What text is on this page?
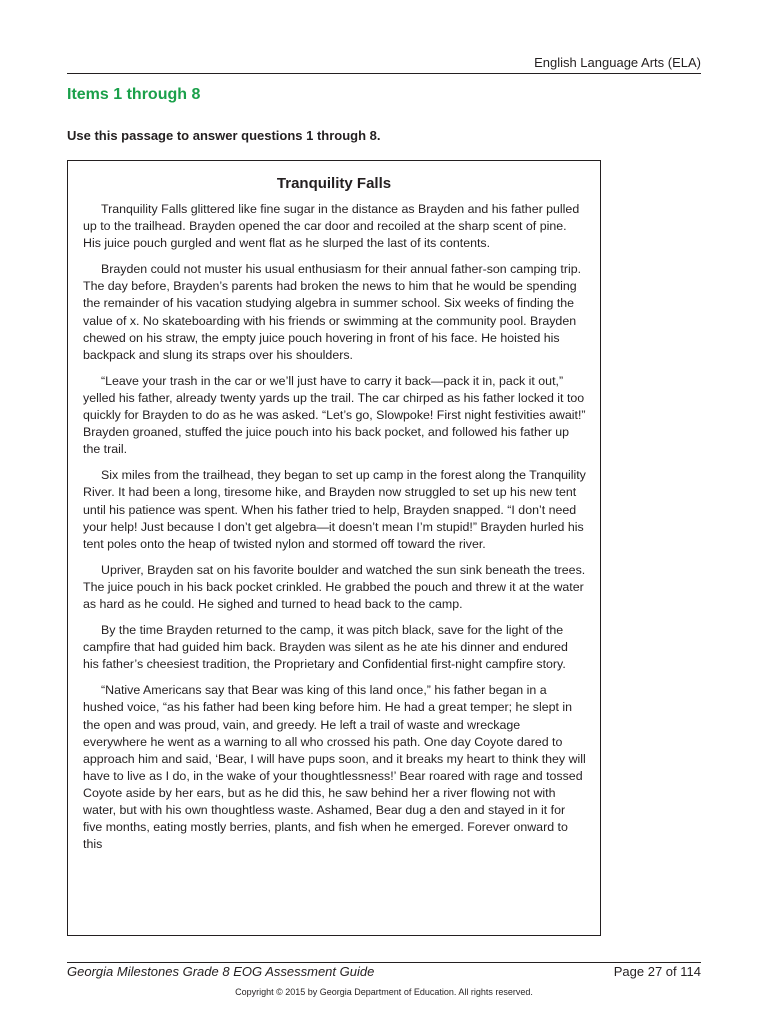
English Language Arts (ELA)
Items 1 through 8
Use this passage to answer questions 1 through 8.
Tranquility Falls

Tranquility Falls glittered like fine sugar in the distance as Brayden and his father pulled up to the trailhead. Brayden opened the car door and recoiled at the sharp scent of pine. His juice pouch gurgled and went flat as he slurped the last of its contents.

Brayden could not muster his usual enthusiasm for their annual father-son camping trip. The day before, Brayden’s parents had broken the news to him that he would be spending the remainder of his vacation studying algebra in summer school. Six weeks of finding the value of x. No skateboarding with his friends or swimming at the community pool. Brayden chewed on his straw, the empty juice pouch hovering in front of his face. He hoisted his backpack and slung its straps over his shoulders.

“Leave your trash in the car or we’ll just have to carry it back—pack it in, pack it out,” yelled his father, already twenty yards up the trail. The car chirped as his father locked it too quickly for Brayden to do as he was asked. “Let’s go, Slowpoke! First night festivities await!” Brayden groaned, stuffed the juice pouch into his back pocket, and followed his father up the trail.

Six miles from the trailhead, they began to set up camp in the forest along the Tranquility River. It had been a long, tiresome hike, and Brayden now struggled to set up his new tent until his patience was spent. When his father tried to help, Brayden snapped. “I don’t need your help! Just because I don’t get algebra—it doesn’t mean I’m stupid!” Brayden hurled his tent poles onto the heap of twisted nylon and stormed off toward the river.

Upriver, Brayden sat on his favorite boulder and watched the sun sink beneath the trees. The juice pouch in his back pocket crinkled. He grabbed the pouch and threw it at the water as hard as he could. He sighed and turned to head back to the camp.

By the time Brayden returned to the camp, it was pitch black, save for the light of the campfire that had guided him back. Brayden was silent as he ate his dinner and endured his father’s cheesiest tradition, the Proprietary and Confidential first-night campfire story.

“Native Americans say that Bear was king of this land once,” his father began in a hushed voice, “as his father had been king before him. He had a great temper; he slept in the open and was proud, vain, and greedy. He left a trail of waste and wreckage everywhere he went as a warning to all who crossed his path. One day Coyote dared to approach him and said, ‘Bear, I will have pups soon, and it breaks my heart to think they will have to live as I do, in the wake of your thoughtlessness!’ Bear roared with rage and tossed Coyote aside by her ears, but as he did this, he saw behind her a river flowing not with water, but with his own thoughtless waste. Ashamed, Bear dug a den and stayed in it for five months, eating mostly berries, plants, and fish when he emerged. Forever onward to this

Georgia Milestones Grade 8 EOG Assessment Guide	Page 27 of 114
Copyright © 2015 by Georgia Department of Education. All rights reserved.
